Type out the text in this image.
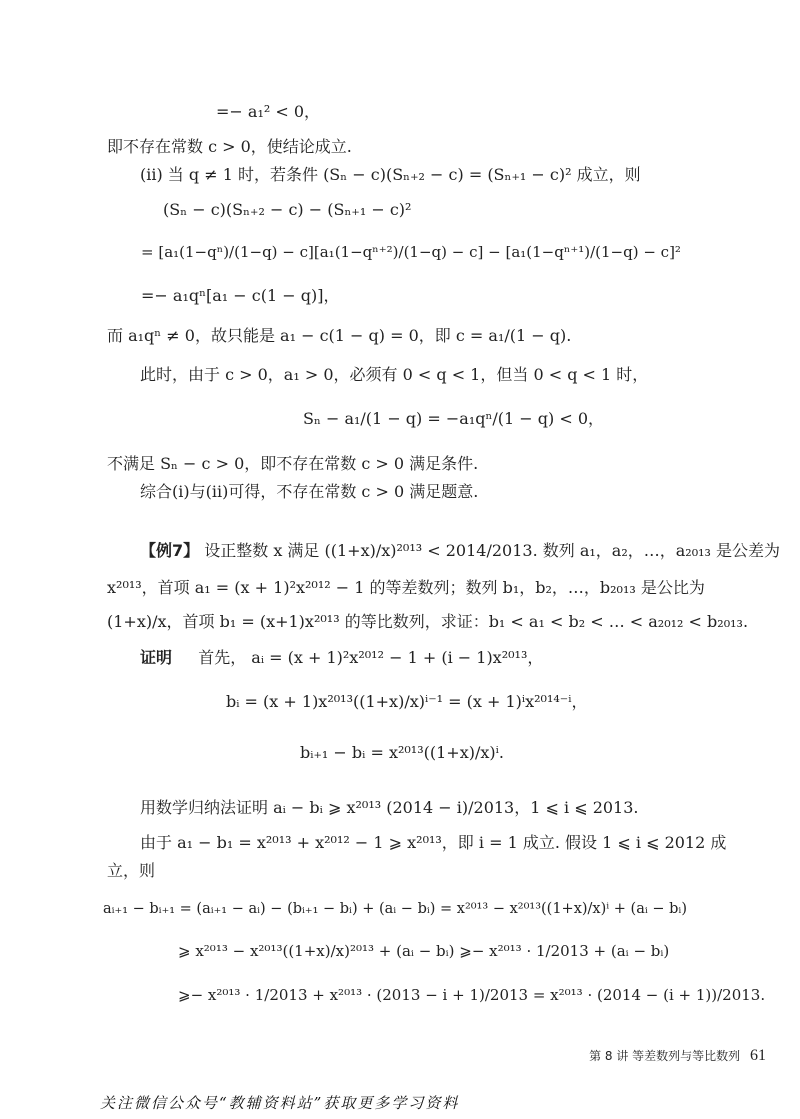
=− a₁² < 0，
即不存在常数 c > 0，使结论成立.
(ii) 当 q ≠ 1 时，若条件 (Sₙ − c)(Sₙ₊₂ − c) = (Sₙ₊₁ − c)² 成立，则
(Sₙ − c)(Sₙ₊₂ − c) − (Sₙ₊₁ − c)²
= [a₁(1−qⁿ)/(1−q) − c][a₁(1−qⁿ⁺²)/(1−q) − c] − [a₁(1−qⁿ⁺¹)/(1−q) − c]²
=− a₁qⁿ[a₁ − c(1 − q)]，
而 a₁qⁿ ≠ 0，故只能是 a₁ − c(1 − q) = 0，即 c = a₁/(1 − q).
此时，由于 c > 0，a₁ > 0，必须有 0 < q < 1，但当 0 < q < 1 时，
Sₙ − a₁/(1 − q) = −a₁qⁿ/(1 − q) < 0，
不满足 Sₙ − c > 0，即不存在常数 c > 0 满足条件.
综合(i)与(ii)可得，不存在常数 c > 0 满足题意.
【例7】 设正整数 x 满足 ((1+x)/x)²⁰¹³ < 2014/2013. 数列 a₁，a₂，…，a₂₀₁₃ 是公差为
x²⁰¹³，首项 a₁ = (x + 1)²x²⁰¹² − 1 的等差数列；数列 b₁，b₂，…，b₂₀₁₃ 是公比为
(1+x)/x，首项 b₁ = (x+1)x²⁰¹³ 的等比数列，求证：b₁ < a₁ < b₂ < … < a₂₀₁₂ < b₂₀₁₃.
证明 首先， aᵢ = (x + 1)²x²⁰¹² − 1 + (i − 1)x²⁰¹³，
bᵢ = (x + 1)x²⁰¹³((1+x)/x)ⁱ⁻¹ = (x + 1)ⁱx²⁰¹⁴⁻ⁱ，
bᵢ₊₁ − bᵢ = x²⁰¹³((1+x)/x)ⁱ.
用数学归纳法证明 aᵢ − bᵢ ⩾ x²⁰¹³ (2014 − i)/2013，1 ⩽ i ⩽ 2013.
由于 a₁ − b₁ = x²⁰¹³ + x²⁰¹² − 1 ⩾ x²⁰¹³，即 i = 1 成立. 假设 1 ⩽ i ⩽ 2012 成
立，则
aᵢ₊₁ − bᵢ₊₁ = (aᵢ₊₁ − aᵢ) − (bᵢ₊₁ − bᵢ) + (aᵢ − bᵢ) = x²⁰¹³ − x²⁰¹³((1+x)/x)ⁱ + (aᵢ − bᵢ)
⩾ x²⁰¹³ − x²⁰¹³((1+x)/x)²⁰¹³ + (aᵢ − bᵢ) ⩾− x²⁰¹³ · 1/2013 + (aᵢ − bᵢ)
⩾− x²⁰¹³ · 1/2013 + x²⁰¹³ · (2013 − i + 1)/2013 = x²⁰¹³ · (2014 − (i + 1))/2013.
第 8 讲 等差数列与等比数列 61
关注微信公众号“教辅资料站”获取更多学习资料
